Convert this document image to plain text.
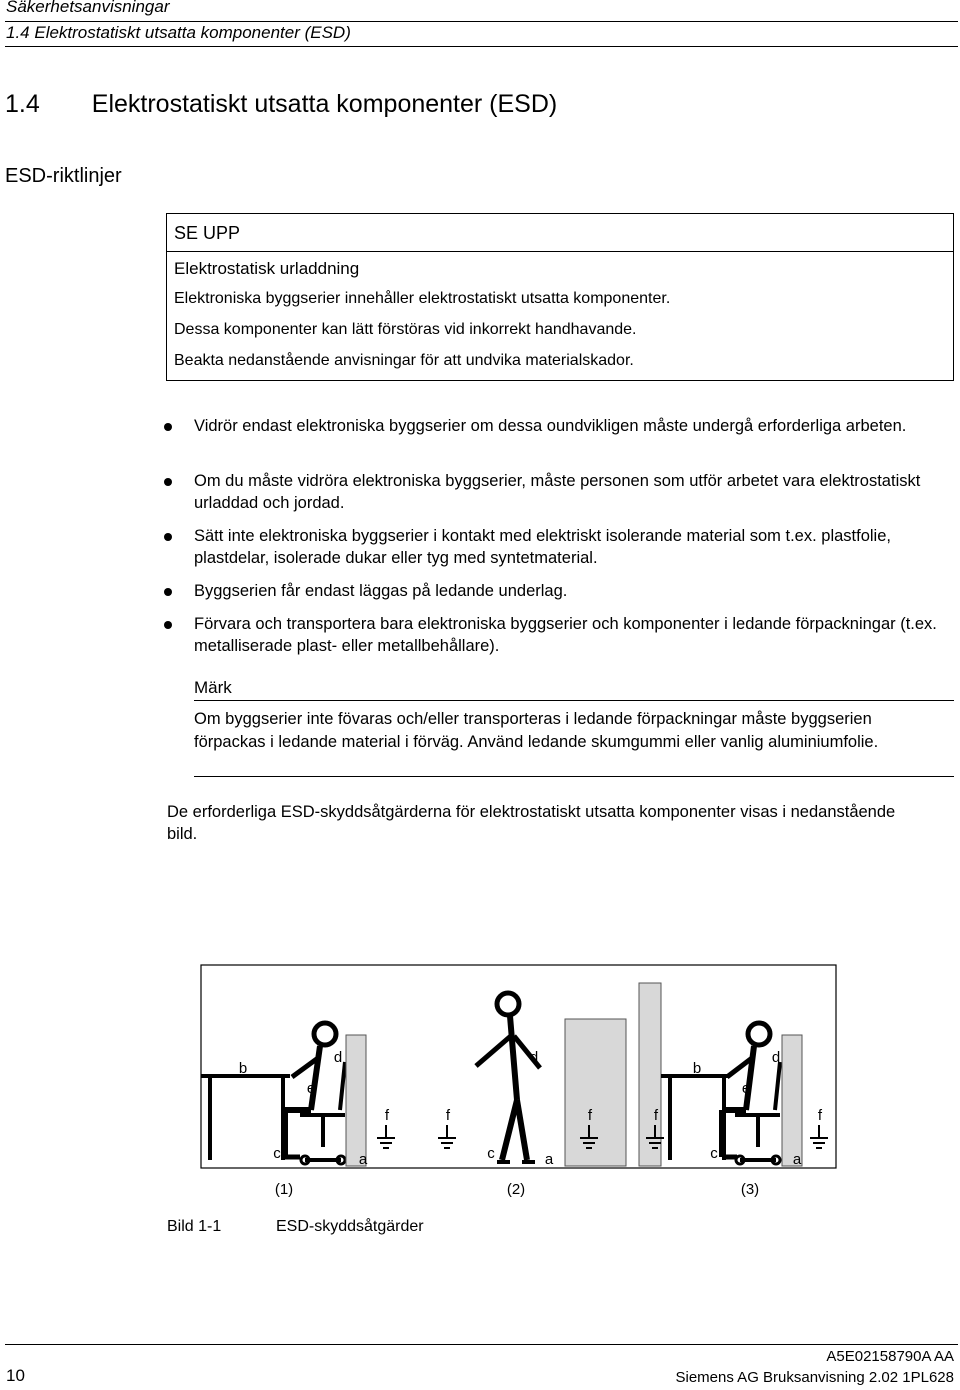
Säkerhetsanvisningar
1.4 Elektrostatiskt utsatta komponenter (ESD)
1.4 Elektrostatiskt utsatta komponenter (ESD)
ESD-riktlinjer
SE UPP
Elektrostatisk urladdning
Elektroniska byggserier innehåller elektrostatiskt utsatta komponenter.
Dessa komponenter kan lätt förstöras vid inkorrekt handhavande.
Beakta nedanstående anvisningar för att undvika materialskador.
Vidrör endast elektroniska byggserier om dessa oundvikligen måste undergå erforderliga arbeten.
Om du måste vidröra elektroniska byggserier, måste personen som utför arbetet vara elektrostatiskt urladdad och jordad.
Sätt inte elektroniska byggserier i kontakt med elektriskt isolerande material som t.ex. plastfolie, plastdelar, isolerade dukar eller tyg med syntetmaterial.
Byggserien får endast läggas på ledande underlag.
Förvara och transportera bara elektroniska byggserier och komponenter i ledande förpackningar (t.ex. metalliserade plast- eller metallbehållare).
Märk
Om byggserier inte fövaras och/eller transporteras i ledande förpackningar måste byggserien förpackas i ledande material i förväg. Använd ledande skumgummi eller vanlig aluminiumfolie.
De erforderliga ESD-skyddsåtgärderna för elektrostatiskt utsatta komponenter visas i nedanstående bild.
b
d
e
f
c	a
f
d
c	a
f	f
b
d
e
f
c	a
(1)	(2)	(3)
Bild 1-1	ESD-skyddsåtgärder
10
A5E02158790A AA
Siemens AG Bruksanvisning 2.02 1PL628
